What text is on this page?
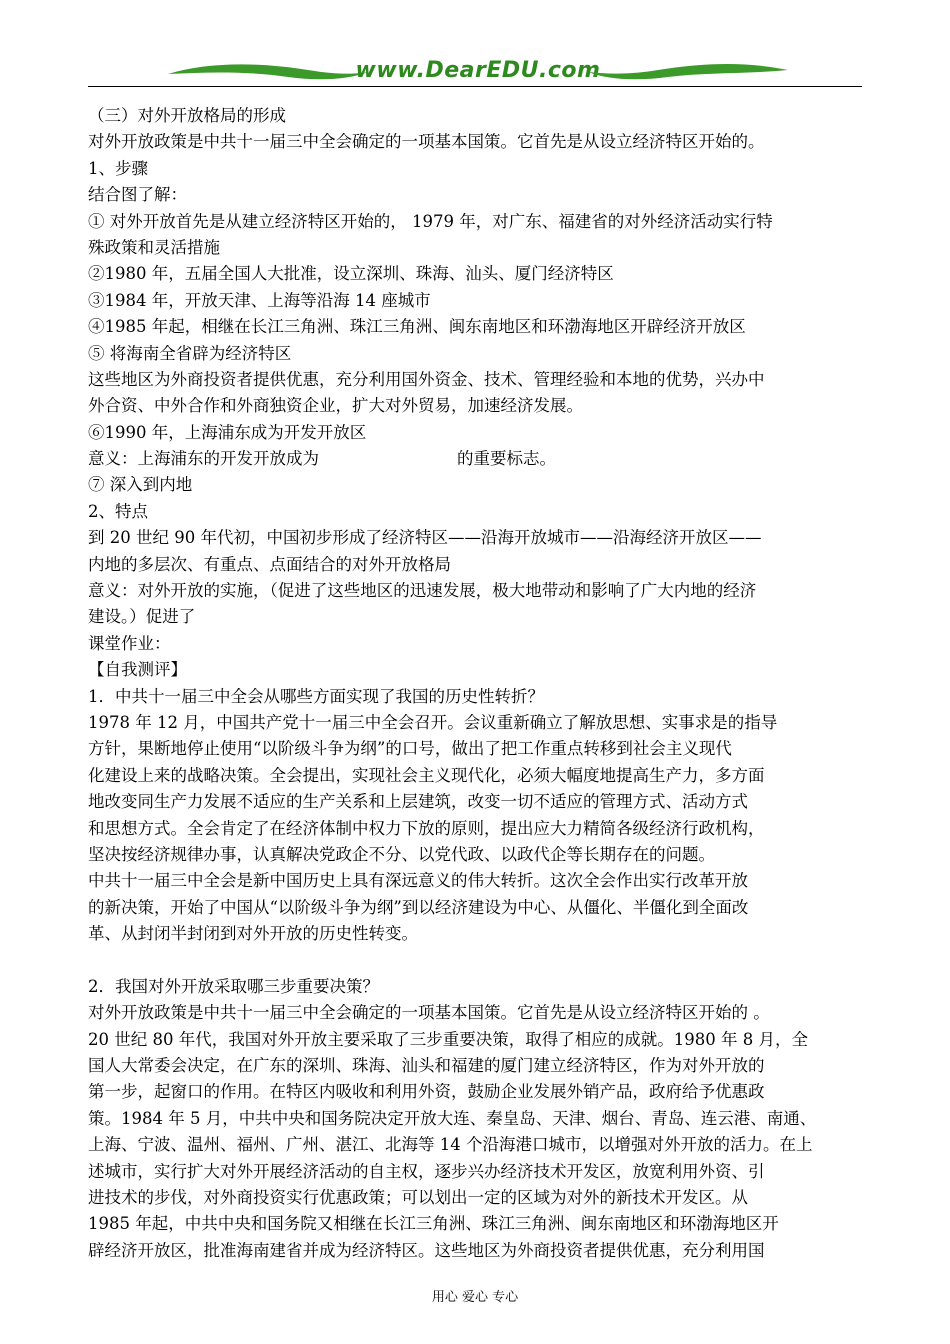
www.DearEDU.com
（三）对外开放格局的形成
对外开放政策是中共十一届三中全会确定的一项基本国策。它首先是从设立经济特区开始的。
1、步骤
结合图了解：
① 对外开放首先是从建立经济特区开始的， 1979 年，对广东、福建省的对外经济活动实行特
殊政策和灵活措施
②1980 年，五届全国人大批准，设立深圳、珠海、汕头、厦门经济特区
③1984 年，开放天津、上海等沿海 14 座城市
④1985 年起，相继在长江三角洲、珠江三角洲、闽东南地区和环渤海地区开辟经济开放区
⑤ 将海南全省辟为经济特区
这些地区为外商投资者提供优惠，充分利用国外资金、技术、管理经验和本地的优势，兴办中
外合资、中外合作和外商独资企业，扩大对外贸易，加速经济发展。
⑥1990 年，上海浦东成为开发开放区
意义：上海浦东的开发开放成为	的重要标志。
⑦ 深入到内地
2、特点
到 20 世纪 90 年代初，中国初步形成了经济特区——沿海开放城市——沿海经济开放区——
内地的多层次、有重点、点面结合的对外开放格局
意义：对外开放的实施，（促进了这些地区的迅速发展，极大地带动和影响了广大内地的经济
建设。）促进了
课堂作业：
【自我测评】
1．中共十一届三中全会从哪些方面实现了我国的历史性转折？
1978 年 12 月，中国共产党十一届三中全会召开。会议重新确立了解放思想、实事求是的指导
方针，果断地停止使用“以阶级斗争为纲”的口号，做出了把工作重点转移到社会主义现代
化建设上来的战略决策。全会提出，实现社会主义现代化，必须大幅度地提高生产力，多方面
地改变同生产力发展不适应的生产关系和上层建筑，改变一切不适应的管理方式、活动方式
和思想方式。全会肯定了在经济体制中权力下放的原则，提出应大力精简各级经济行政机构，
坚决按经济规律办事，认真解决党政企不分、以党代政、以政代企等长期存在的问题。
中共十一届三中全会是新中国历史上具有深远意义的伟大转折。这次全会作出实行改革开放
的新决策，开始了中国从“以阶级斗争为纲”到以经济建设为中心、从僵化、半僵化到全面改
革、从封闭半封闭到对外开放的历史性转变。
2．我国对外开放采取哪三步重要决策？
对外开放政策是中共十一届三中全会确定的一项基本国策。它首先是从设立经济特区开始的 。
20 世纪 80 年代，我国对外开放主要采取了三步重要决策，取得了相应的成就。1980 年 8 月，全
国人大常委会决定，在广东的深圳、珠海、汕头和福建的厦门建立经济特区，作为对外开放的
第一步，起窗口的作用。在特区内吸收和利用外资，鼓励企业发展外销产品，政府给予优惠政
策。1984 年 5 月，中共中央和国务院决定开放大连、秦皇岛、天津、烟台、青岛、连云港、南通、
上海、宁波、温州、福州、广州、湛江、北海等 14 个沿海港口城市，以增强对外开放的活力。在上
述城市，实行扩大对外开展经济活动的自主权，逐步兴办经济技术开发区，放宽利用外资、引
进技术的步伐，对外商投资实行优惠政策；可以划出一定的区域为对外的新技术开发区。从
1985 年起，中共中央和国务院又相继在长江三角洲、珠江三角洲、闽东南地区和环渤海地区开
辟经济开放区，批准海南建省并成为经济特区。这些地区为外商投资者提供优惠，充分利用国
用心 爱心 专心
